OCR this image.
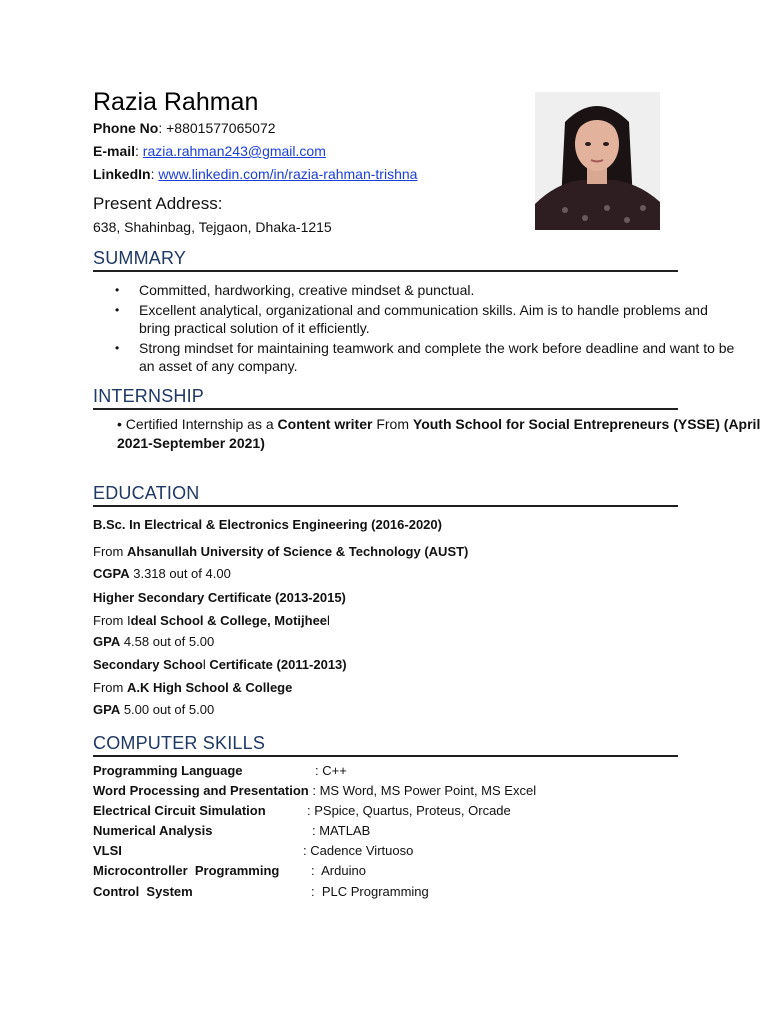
Razia Rahman
Phone No: +8801577065072
E-mail: razia.rahman243@gmail.com
LinkedIn: www.linkedin.com/in/razia-rahman-trishna
Present Address:
638, Shahinbag, Tejgaon, Dhaka-1215
SUMMARY
• Committed, hardworking, creative mindset & punctual.
• Excellent analytical, organizational and communication skills. Aim is to handle problems and bring practical solution of it efficiently.
• Strong mindset for maintaining teamwork and complete the work before deadline and want to be an asset of any company.
INTERNSHIP
• Certified Internship as a Content writer From Youth School for Social Entrepreneurs (YSSE) (April 2021-September 2021)
EDUCATION
B.Sc. In Electrical & Electronics Engineering (2016-2020)
From Ahsanullah University of Science & Technology (AUST)
CGPA 3.318 out of 4.00
Higher Secondary Certificate (2013-2015)
From Ideal School & College, Motijheel
GPA 4.58 out of 5.00
Secondary School Certificate (2011-2013)
From A.K High School & College
GPA 5.00 out of 5.00
COMPUTER SKILLS
Programming Language	: C++
Word Processing and Presentation : MS Word, MS Power Point, MS Excel
Electrical Circuit Simulation	: PSpice, Quartus, Proteus, Orcade
Numerical Analysis	: MATLAB
VLSI	: Cadence Virtuoso
Microcontroller  Programming :  Arduino
Control  System	:  PLC Programming
